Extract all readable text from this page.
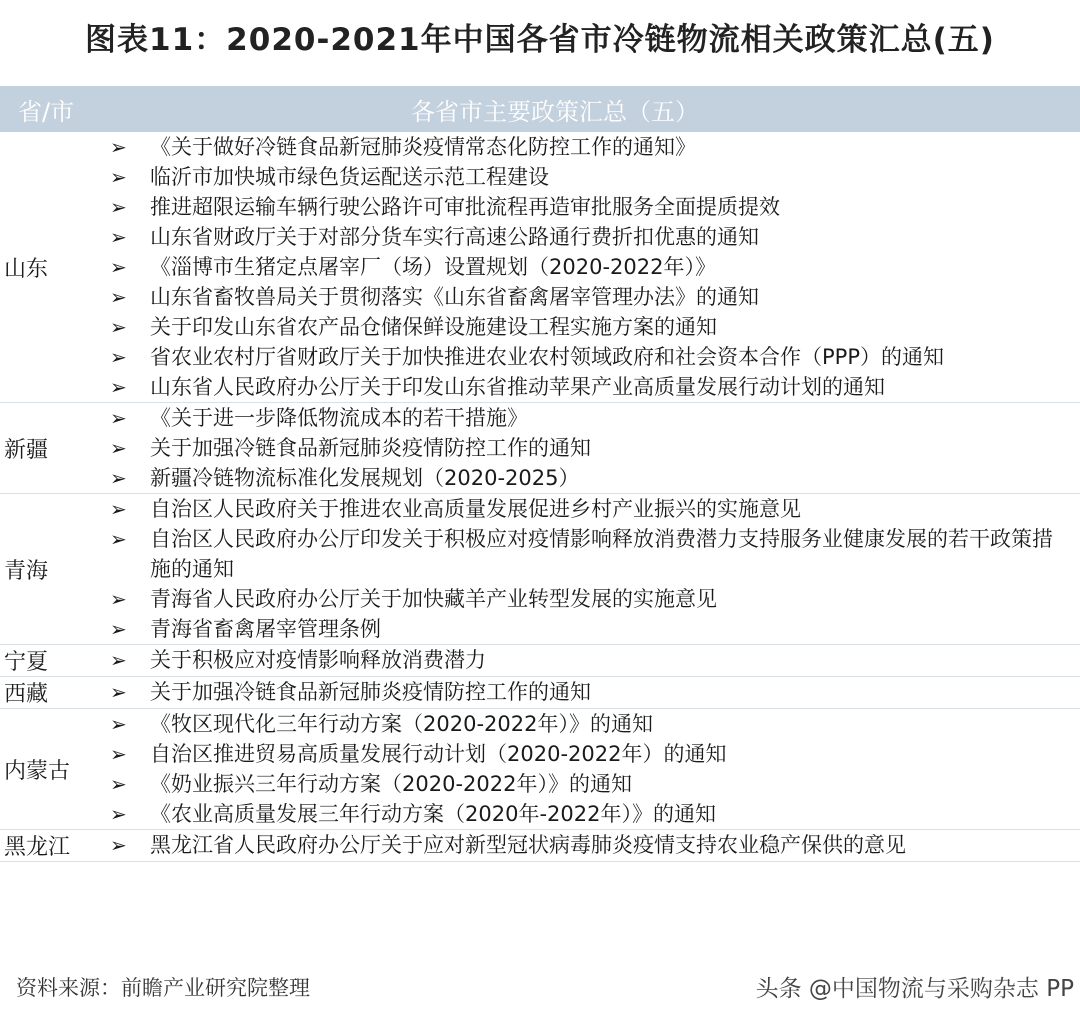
图表11：2020-2021年中国各省市冷链物流相关政策汇总(五)
省/市	各省市主要政策汇总（五）
山东
➢	《关于做好冷链食品新冠肺炎疫情常态化防控工作的通知》
➢	临沂市加快城市绿色货运配送示范工程建设
➢	推进超限运输车辆行驶公路许可审批流程再造审批服务全面提质提效
➢	山东省财政厅关于对部分货车实行高速公路通行费折扣优惠的通知
➢	《淄博市生猪定点屠宰厂（场）设置规划（2020-2022年）》
➢	山东省畜牧兽局关于贯彻落实《山东省畜禽屠宰管理办法》的通知
➢	关于印发山东省农产品仓储保鲜设施建设工程实施方案的通知
➢	省农业农村厅省财政厅关于加快推进农业农村领域政府和社会资本合作（PPP）的通知
➢	山东省人民政府办公厅关于印发山东省推动苹果产业高质量发展行动计划的通知
新疆
➢	《关于进一步降低物流成本的若干措施》
➢	关于加强冷链食品新冠肺炎疫情防控工作的通知
➢	新疆冷链物流标准化发展规划（2020-2025）
青海
➢	自治区人民政府关于推进农业高质量发展促进乡村产业振兴的实施意见
➢	自治区人民政府办公厅印发关于积极应对疫情影响释放消费潜力支持服务业健康发展的若干政策措施的通知
➢	青海省人民政府办公厅关于加快藏羊产业转型发展的实施意见
➢	青海省畜禽屠宰管理条例
宁夏	➢	关于积极应对疫情影响释放消费潜力
西藏	➢	关于加强冷链食品新冠肺炎疫情防控工作的通知
内蒙古
➢	《牧区现代化三年行动方案（2020-2022年）》的通知
➢	自治区推进贸易高质量发展行动计划（2020-2022年）的通知
➢	《奶业振兴三年行动方案（2020-2022年）》的通知
➢	《农业高质量发展三年行动方案（2020年-2022年）》的通知
黑龙江	➢	黑龙江省人民政府办公厅关于应对新型冠状病毒肺炎疫情支持农业稳产保供的意见
资料来源：前瞻产业研究院整理	头条 @中国物流与采购杂志 PP
